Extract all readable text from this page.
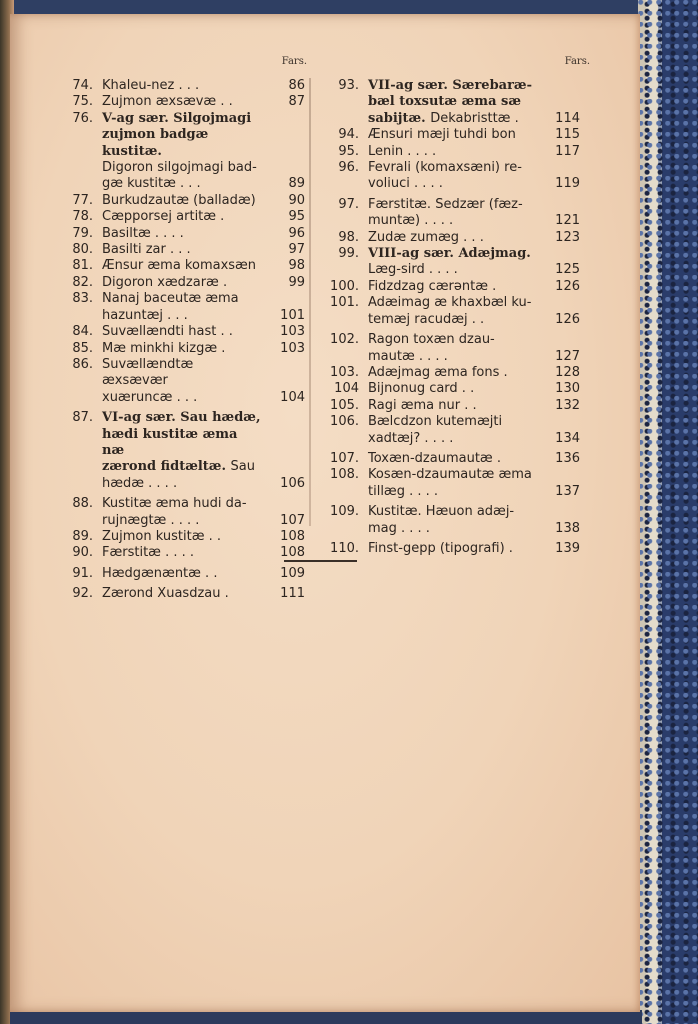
Fars.
74. Khaleu-nez . . .	86
75. Zujmon æxsævæ . .	87
76. V-ag sær. Silgojmagi
zujmon badgæ kustitæ.
Digoron silgojmagi bad-
gæ kustitæ . . .	89
77. Burkudzautæ (balladæ)	90
78. Cæpporsej artitæ .	95
79. Basiltæ . . . .	96
80. Basilti zar . . .	97
81. Ænsur æma komaxsæn	98
82. Digoron xædzaræ .	99
83. Nanaj baceutæ æma
hazuntæj . . .	101
84. Suvællændti hast . .	103
85. Mæ minkhi kizgæ .	103
86. Suvællændtæ æxsævær
xuæruncæ . . .	104
87. VI-ag sær. Sau hædæ,
hædi kustitæ æma næ
zærond fidtæltæ. Sau
hædæ . . . .	106
88. Kustitæ æma hudi da-
rujnægtæ . . . .	107
89. Zujmon kustitæ . .	108
90. Færstitæ . . . .	108
91. Hædgænæntæ . .	109
92. Zærond Xuasdzau .	111
Fars.
93. VII-ag sær. Særebaræ-
bæl toxsutæ æma sæ
sabijtæ. Dekabristtæ .	114
94. Ænsuri mæji tuhdi bon	115
95. Lenin . . . .	117
96. Fevrali (komaxsæni) re-
voliuci . . . .	119
97. Færstitæ. Sedzær (fæz-
muntæ) . . . .	121
98. Zudæ zumæg . . .	123
99. VIII-ag sær. Adæjmag.
Læg-sird . . . .	125
100. Fidzdzag cærəntæ .	126
101. Adæimag æ khaxbæl ku-
temæj racudæj . .	126
102. Ragon toxæn dzau-
mautæ . . . .	127
103. Adæjmag æma fons .	128
104 Bijnonug card . .	130
105. Ragi æma nur . .	132
106. Bælcdzon kutemæjti
xadtæj? . . . .	134
107. Toxæn-dzaumautæ .	136
108. Kosæn-dzaumautæ æma
tillæg . . . .	137
109. Kustitæ. Hæuon adæj-
mag . . . .	138
110. Finst-gepp (tipografi) .	139
